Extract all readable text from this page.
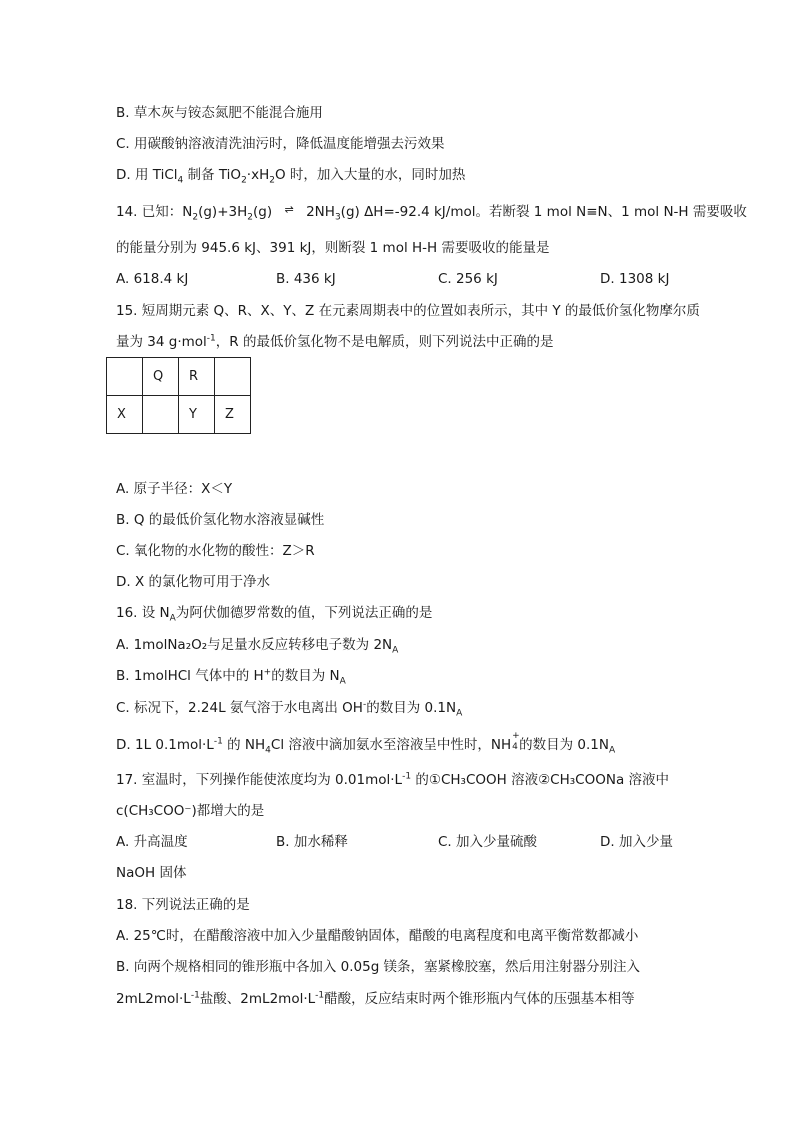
B. 草木灰与铵态氮肥不能混合施用
C. 用碳酸钠溶液清洗油污时，降低温度能增强去污效果
D. 用 TiCl$_4$ 制备 $TiO_2\cdot xH_2O$ 时，加入大量的水，同时加热
14. 已知：$N_2(g)+3H_2(g)$ ⇌ $2NH_3(g)$ ΔH=-92.4 kJ/mol。若断裂 1 mol N≡N、1 mol N-H 需要吸收
的能量分别为 945.6 kJ、391 kJ，则断裂 1 mol H-H 需要吸收的能量是
A. 618.4 kJ	B. 436 kJ	C. 256 kJ	D. 1308 kJ
15. 短周期元素 Q、R、X、Y、Z 在元素周期表中的位置如表所示，其中 Y 的最低价氢化物摩尔质
量为 34 g·mol$^{-1}$，R 的最低价氢化物不是电解质，则下列说法中正确的是
	Q	R	
X		Y	Z
A. 原子半径：X＜Y
B. Q 的最低价氢化物水溶液显碱性
C. 氧化物的水化物的酸性：Z＞R
D. X 的氯化物可用于净水
16. 设 $N_A$为阿伏伽德罗常数的值，下列说法正确的是
A. 1molNa₂O₂与足量水反应转移电子数为 $2N_A$
B. 1molHCl 气体中的 H+的数目为 $N_A$
C. 标况下，2.24L 氨气溶于水电离出 OH-的数目为 $0.1N_A$
D. 1L $0.1mol\cdot L^{-1}$ 的 $NH_4Cl$ 溶液中滴加氨水至溶液呈中性时，NH
+
4 的数目为 $0.1N_A$
17. 室温时，下列操作能使浓度均为 $0.01mol\cdot L^{-1}$ 的①CH₃COOH 溶液②CH₃COONa 溶液中
c(CH₃COO⁻)都增大的是
A. 升高温度	B. 加水稀释	C. 加入少量硫酸	D. 加入少量
NaOH 固体
18. 下列说法正确的是
A. 25℃时，在醋酸溶液中加入少量醋酸钠固体，醋酸的电离程度和电离平衡常数都减小
B. 向两个规格相同的锥形瓶中各加入 0.05g 镁条，塞紧橡胶塞，然后用注射器分别注入
$2mL2mol\cdot L^{-1}$盐酸、$2mL2mol\cdot L^{-1}$醋酸，反应结束时两个锥形瓶内气体的压强基本相等
